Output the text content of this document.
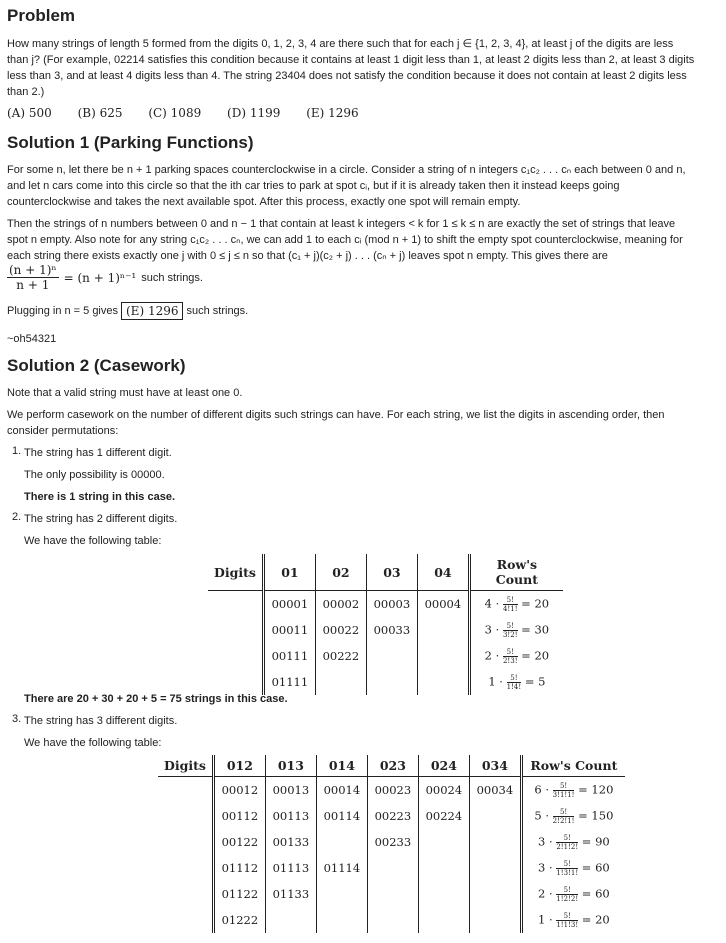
Problem

How many strings of length 5 formed from the digits 0, 1, 2, 3, 4 are there such that for each j ∈ {1, 2, 3, 4}, at least j of the digits are less

than j? (For example, 02214 satisfies this condition because it contains at least 1 digit less than 1, at least 2 digits less than 2, at least 3 digits

less than 3, and at least 4 digits less than 4. The string 23404 does not satisfy the condition because it does not contain at least 2 digits less

than 2.)

(A) 500 (B) 625 (C) 1089 (D) 1199 (E) 1296
Solution 1 (Parking Functions)

For some n, let there be n + 1 parking spaces counterclockwise in a circle. Consider a string of n integers c₁c₂ . . . cₙ each between 0 and n,

and let n cars come into this circle so that the ith car tries to park at spot cᵢ, but if it is already taken then it instead keeps going

counterclockwise and takes the next available spot. After this process, exactly one spot will remain empty.

Then the strings of n numbers between 0 and n − 1 that contain at least k integers < k for 1 ≤ k ≤ n are exactly the set of strings that leave

spot n empty. Also note for any string c₁c₂ . . . cₙ, we can add 1 to each cᵢ (mod n + 1) to shift the empty spot counterclockwise, meaning for

each string there exists exactly one j with 0 ≤ j ≤ n so that (c₁ + j)(c₂ + j) . . . (cₙ + j) leaves spot n empty. This gives there are

$\frac{\text{(n + 1)ⁿ}}{n + 1} = (n + 1)^{n-1}$ such strings.
Plugging in n = 5 gives (E) 1296 such strings.

~oh54321

Solution 2 (Casework)

Note that a valid string must have at least one 0.

We perform casework on the number of different digits such strings can have. For each string, we list the digits in ascending order, then

consider permutations:

1. The string has 1 different digit.

The only possibility is 00000.

There is 1 string in this case.

2. The string has 2 different digits.

We have the following table:

Digits	01	02	03	04	Row's Count
	00001	00002	00003	00004	$4 \cdot \frac{5!}{4!1!} = 20$
	00011	00022	00033		$3 \cdot \frac{5!}{3!2!} = 30$
	00111	00222			$2 \cdot \frac{5!}{2!3!} = 20$
	01111				$1 \cdot \frac{5!}{1!4!} = 5$

There are 20 + 30 + 20 + 5 = 75 strings in this case.

3. The string has 3 different digits.

We have the following table:

Digits	012	013	014	023	024	034	Row's Count
	00012	00013	00014	00023	00024	00034	$6 \cdot \frac{5!}{3!1!1!} = 120$
	00112	00113	00114	00223	00224		$5 \cdot \frac{5!}{2!2!1!} = 150$
	00122	00133		00233			$3 \cdot \frac{5!}{2!1!2!} = 90$
	01112	01113	01114				$3 \cdot \frac{5!}{1!3!1!} = 60$
	01122	01133					$2 \cdot \frac{5!}{1!2!2!} = 60$
	01222						$1 \cdot \frac{5!}{1!1!3!} = 20$
